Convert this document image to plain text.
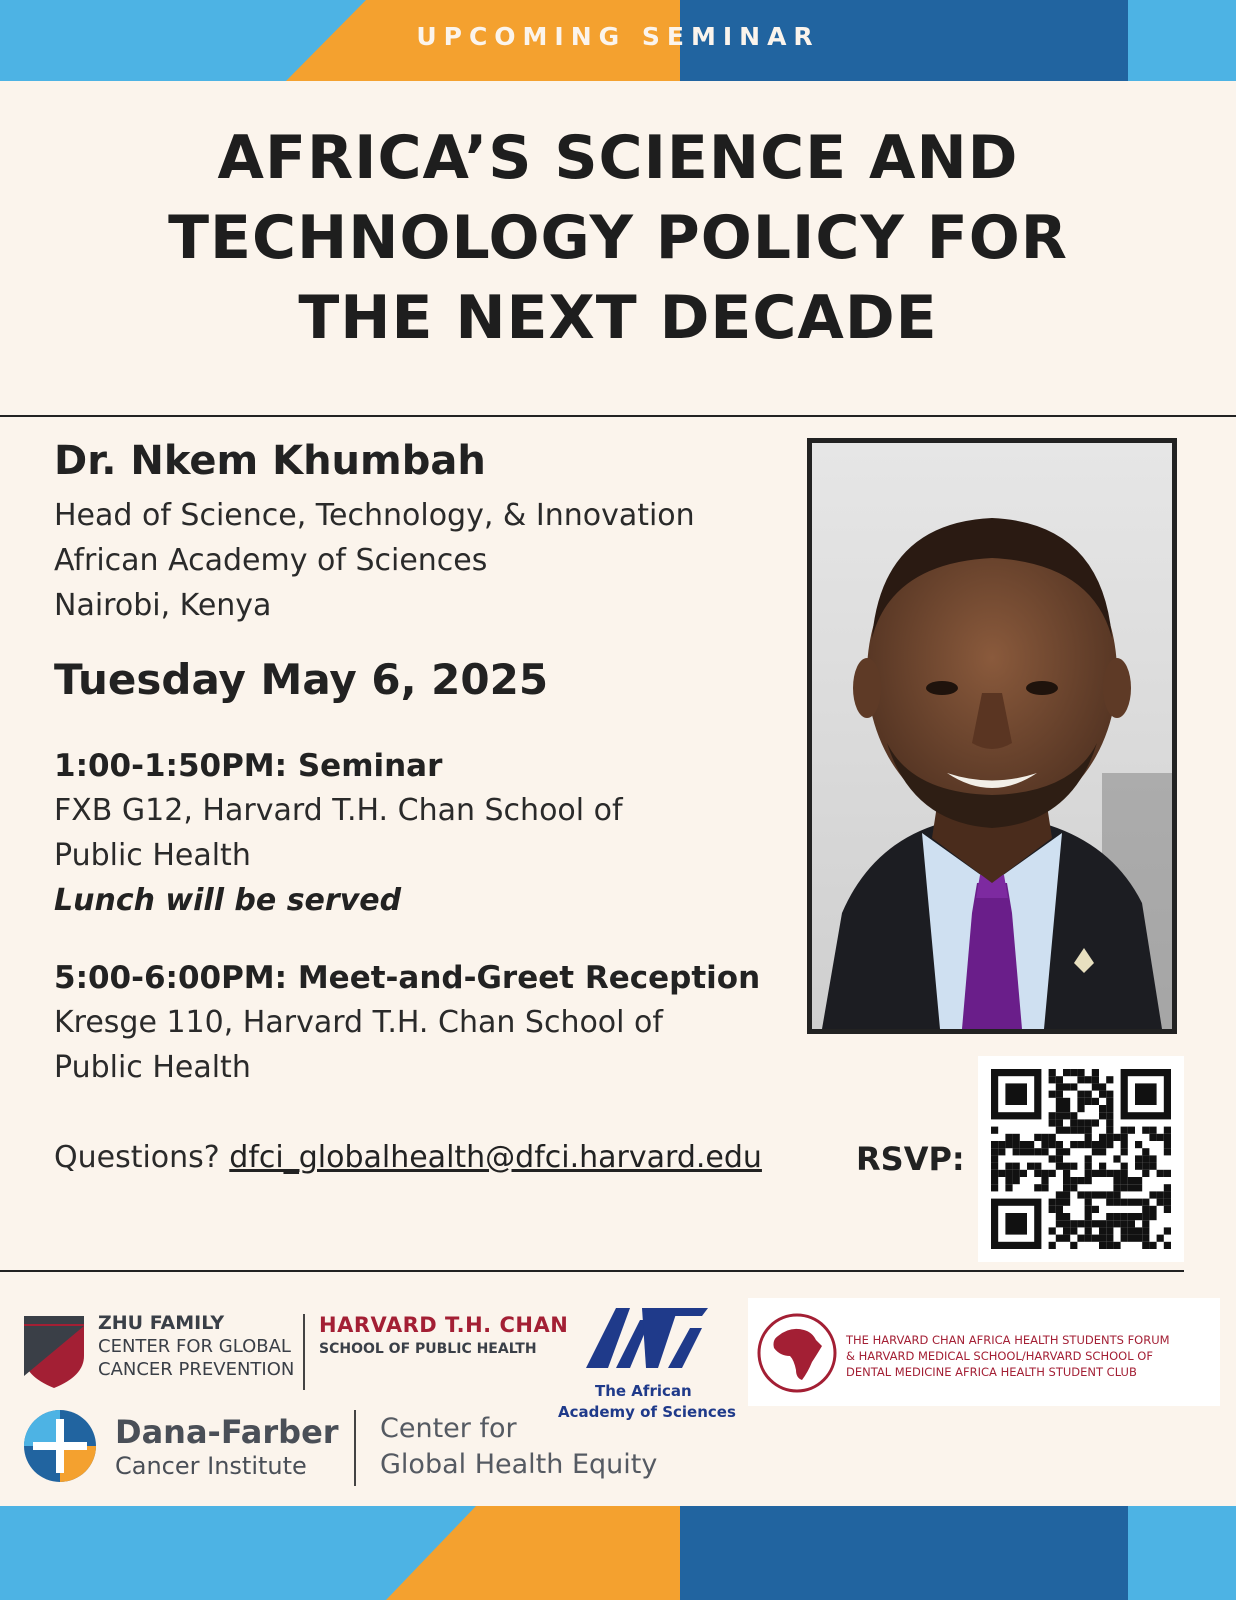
UPCOMING SEMINAR
AFRICA’S SCIENCE AND
TECHNOLOGY POLICY FOR
THE NEXT DECADE
Dr. Nkem Khumbah
Head of Science, Technology, & Innovation
African Academy of Sciences
Nairobi, Kenya
Tuesday May 6, 2025
1:00-1:50PM: Seminar
FXB G12, Harvard T.H. Chan School of
Public Health
Lunch will be served
5:00-6:00PM: Meet-and-Greet Reception
Kresge 110, Harvard T.H. Chan School of
Public Health
Questions? dfci_globalhealth@dfci.harvard.edu	RSVP:
ZHU FAMILY
CENTER FOR GLOBAL
CANCER PREVENTION
HARVARD T.H. CHAN
SCHOOL OF PUBLIC HEALTH
The African
Academy of Sciences
THE HARVARD CHAN AFRICA HEALTH STUDENTS FORUM
& HARVARD MEDICAL SCHOOL/HARVARD SCHOOL OF
DENTAL MEDICINE AFRICA HEALTH STUDENT CLUB
Dana-Farber
Cancer Institute
Center for
Global Health Equity
